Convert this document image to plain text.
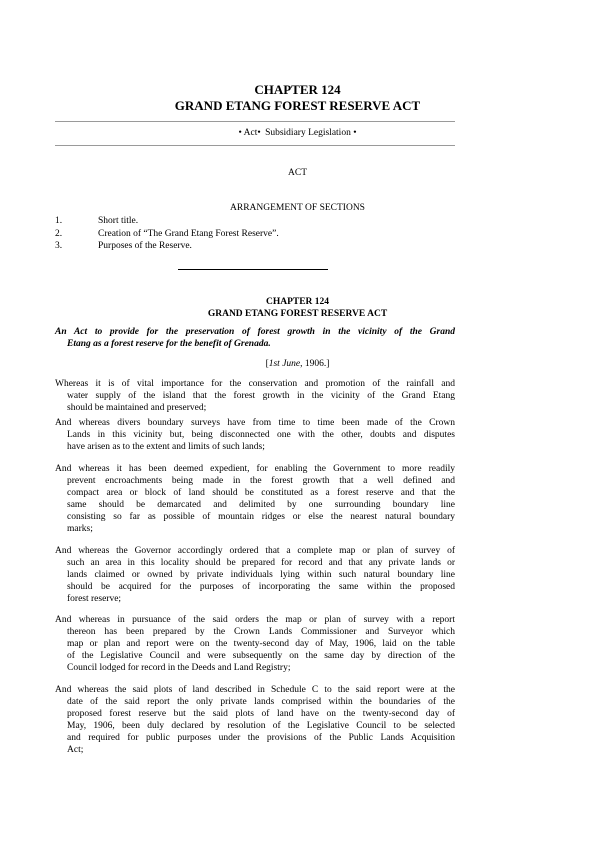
CHAPTER 124
GRAND ETANG FOREST RESERVE ACT
• Act• Subsidiary Legislation •
ACT
ARRANGEMENT OF SECTIONS
1.	Short title.
2.	Creation of “The Grand Etang Forest Reserve”.
3.	Purposes of the Reserve.
CHAPTER 124
GRAND ETANG FOREST RESERVE ACT
An Act to provide for the preservation of forest growth in the vicinity of the Grand
Etang as a forest reserve for the benefit of Grenada.
[1st June, 1906.]
Whereas it is of vital importance for the conservation and promotion of the rainfall and
water supply of the island that the forest growth in the vicinity of the Grand Etang
should be maintained and preserved;
And whereas divers boundary surveys have from time to time been made of the Crown
Lands in this vicinity but, being disconnected one with the other, doubts and disputes
have arisen as to the extent and limits of such lands;
And whereas it has been deemed expedient, for enabling the Government to more readily
prevent encroachments being made in the forest growth that a well defined and
compact area or block of land should be constituted as a forest reserve and that the
same should be demarcated and delimited by one surrounding boundary line
consisting so far as possible of mountain ridges or else the nearest natural boundary
marks;
And whereas the Governor accordingly ordered that a complete map or plan of survey of
such an area in this locality should be prepared for record and that any private lands or
lands claimed or owned by private individuals lying within such natural boundary line
should be acquired for the purposes of incorporating the same within the proposed
forest reserve;
And whereas in pursuance of the said orders the map or plan of survey with a report
thereon has been prepared by the Crown Lands Commissioner and Surveyor which
map or plan and report were on the twenty-second day of May, 1906, laid on the table
of the Legislative Council and were subsequently on the same day by direction of the
Council lodged for record in the Deeds and Land Registry;
And whereas the said plots of land described in Schedule C to the said report were at the
date of the said report the only private lands comprised within the boundaries of the
proposed forest reserve but the said plots of land have on the twenty-second day of
May, 1906, been duly declared by resolution of the Legislative Council to be selected
and required for public purposes under the provisions of the Public Lands Acquisition
Act;
